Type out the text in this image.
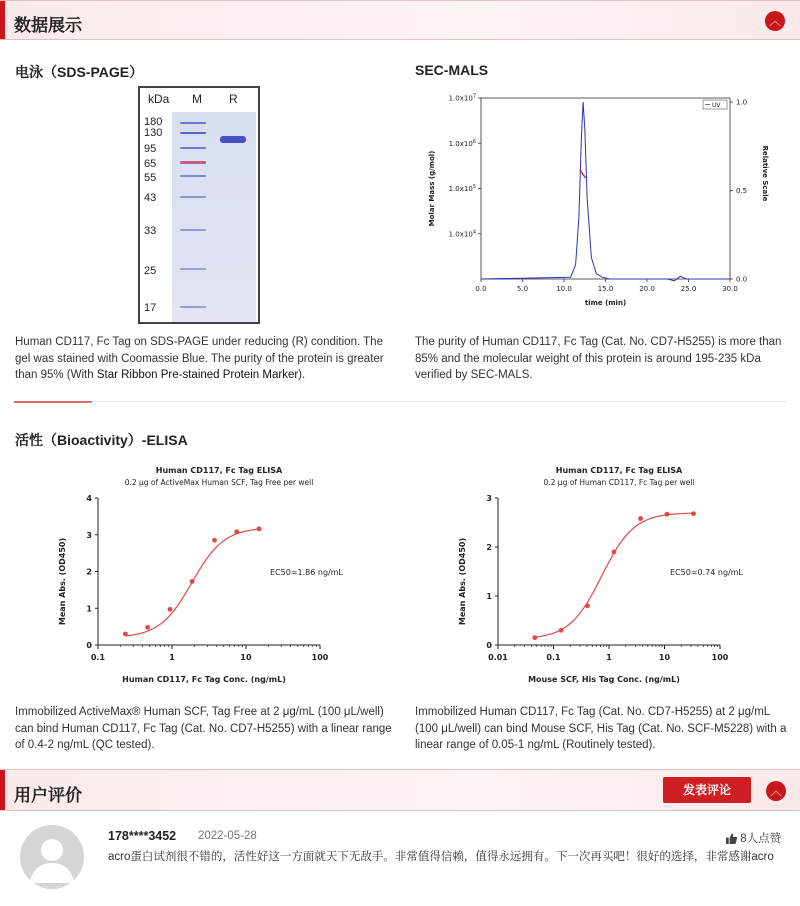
数据展示	︿
电泳（SDS-PAGE）
kDa M R
180
130
95
65
55
43
33
25
17
Human CD117, Fc Tag on SDS-PAGE under reducing (R) condition. The
gel was stained with Coomassie Blue. The purity of the protein is greater
than 95% (With Star Ribbon Pre-stained Protein Marker).
SEC-MALS
0.0	5.0	10.0	15.0	20.0	25.0	30.0
$1.0x10^4$
$1.0x10^5$
$1.0x10^6$
$1.0x10^7$
0.0
0.5
1.0
time (min)
Molar Mass (g/mol)	Relative Scale
UV
The purity of Human CD117, Fc Tag (Cat. No. CD7-H5255) is more than
85% and the molecular weight of this protein is around 195-235 kDa
verified by SEC-MALS.
活性（Bioactivity）-ELISA
Human CD117, Fc Tag ELISA
0.2 μg of ActiveMax Human SCF, Tag Free per well
0
1
2
3
4
0.1	1	10	100
Human CD117, Fc Tag Conc. (ng/mL)
Mean Abs. (OD450)	EC50=1.86 ng/mL
Human CD117, Fc Tag ELISA
0.2 μg of Human CD117, Fc Tag per well
0
1
2
3
0.01	0.1	1	10	100
Mouse SCF, His Tag Conc. (ng/mL)
Mean Abs. (OD450)	EC50=0.74 ng/mL
Immobilized ActiveMax® Human SCF, Tag Free at 2 μg/mL (100 μL/well)
can bind Human CD117, Fc Tag (Cat. No. CD7-H5255) with a linear range
of 0.4-2 ng/mL (QC tested).
Immobilized Human CD117, Fc Tag (Cat. No. CD7-H5255) at 2 μg/mL
(100 μL/well) can bind Mouse SCF, His Tag (Cat. No. SCF-M5228) with a
linear range of 0.05-1 ng/mL (Routinely tested).
用户评价	︿
发表评论
178****3452 2022-05-28	8人点赞
acro蛋白试剂很不错的，活性好这一方面就天下无敌手。非常值得信赖，值得永远拥有。下一次再买吧！很好的选择，非常感谢acro
